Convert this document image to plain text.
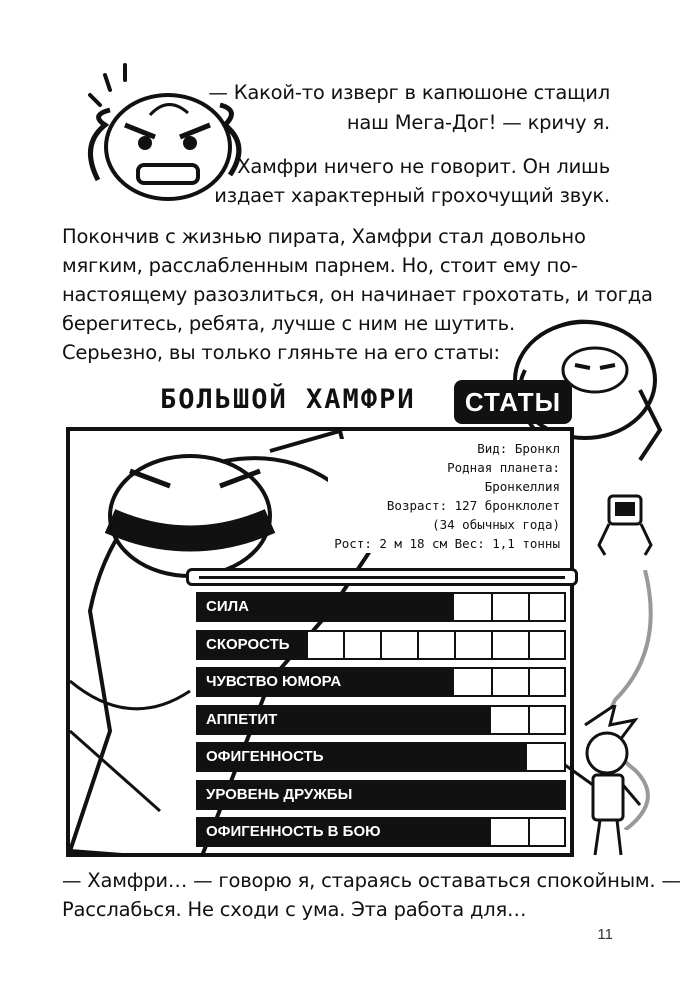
— Какой-то изверг в капюшоне стащил
наш Мега-Дог! — кричу я.
Хамфри ничего не говорит. Он лишь
издает характерный грохочущий звук.
Покончив с жизнью пирата, Хамфри стал довольно
мягким, расслабленным парнем. Но, стоит ему по-
настоящему разозлиться, он начинает грохотать, и тогда
берегитесь, ребята, лучше с ним не шутить.
Серьезно, вы только гляньте на его статы:
БОЛЬШОЙ ХАМФРИ	СТАТЫ
Вид: Бронкл
Родная планета:
Бронкеллия
Возраст: 127 бронклолет
(34 обычных года)
Рост: 2 м 18 см Вес: 1,1 тонны
СИЛА
СКОРОСТЬ
ЧУВСТВО ЮМОРА
АППЕТИТ
ОФИГЕННОСТЬ
УРОВЕНЬ ДРУЖБЫ
ОФИГЕННОСТЬ В БОЮ
— Хамфри… — говорю я, стараясь оставаться спокойным. —
Расслабься. Не сходи с ума. Эта работа для…
11
